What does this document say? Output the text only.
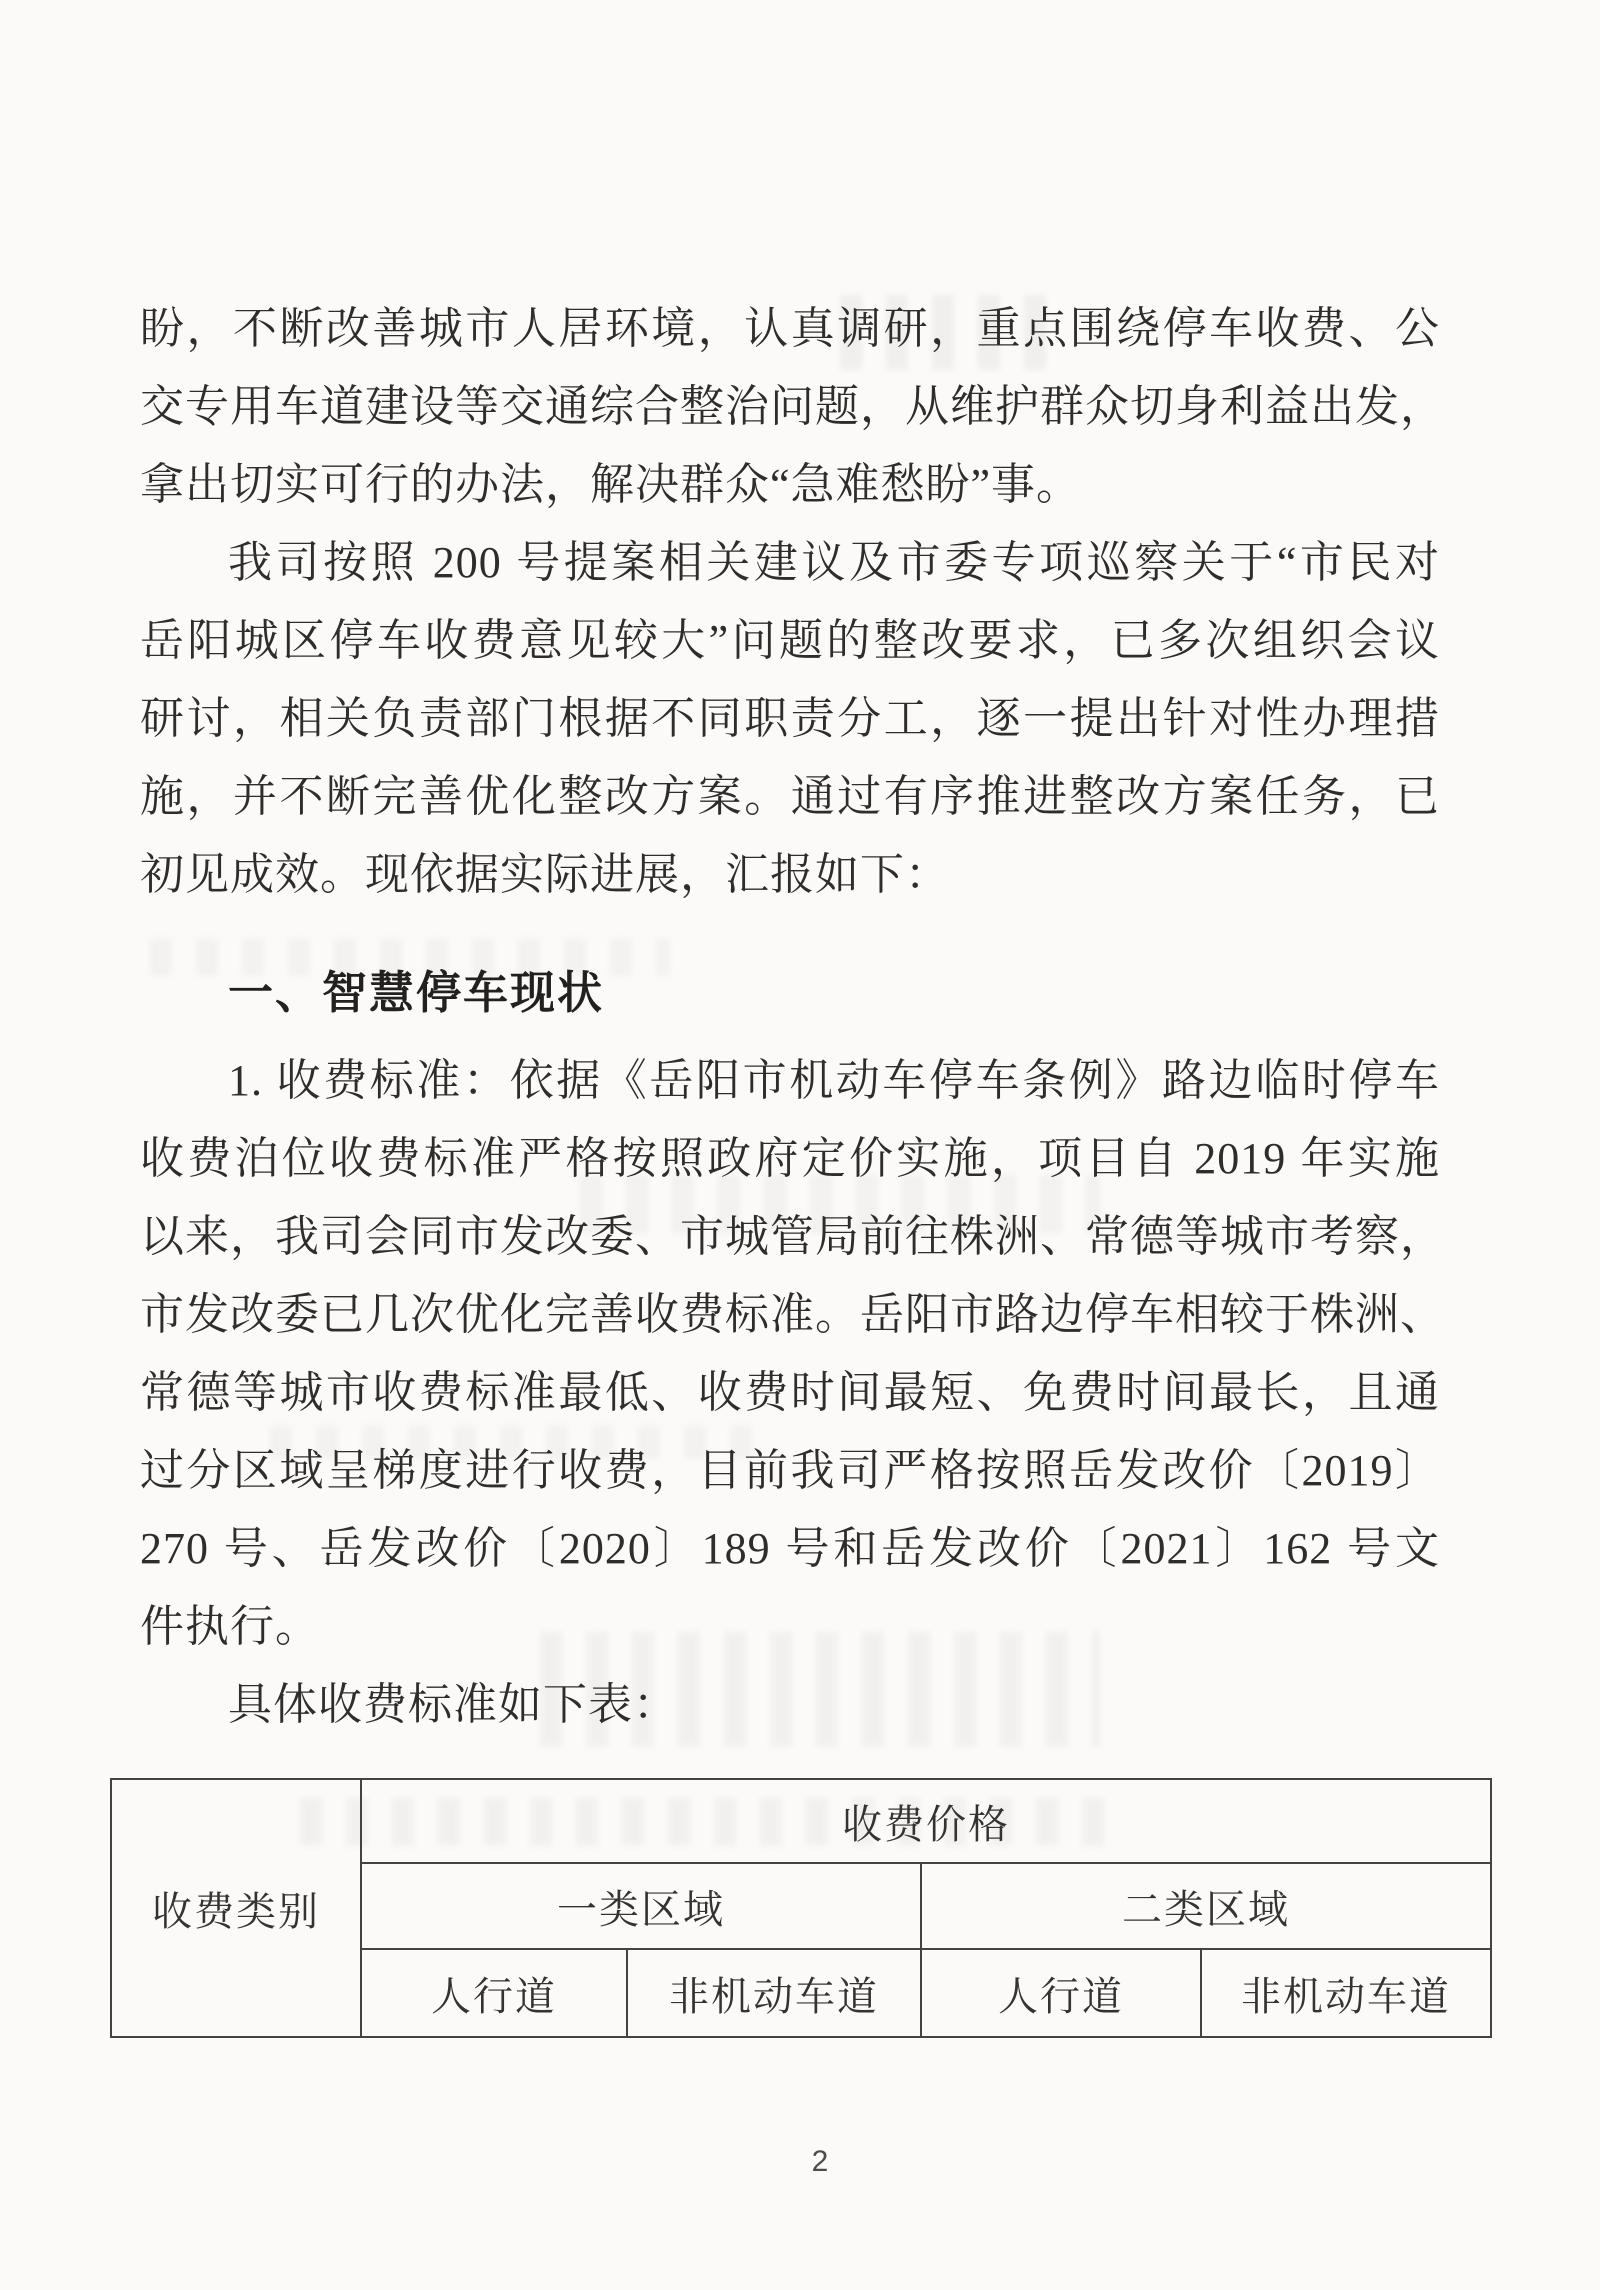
盼，不断改善城市人居环境，认真调研，重点围绕停车收费、公
交专用车道建设等交通综合整治问题，从维护群众切身利益出发，
拿出切实可行的办法，解决群众“急难愁盼”事。
我司按照 200 号提案相关建议及市委专项巡察关于“市民对
岳阳城区停车收费意见较大”问题的整改要求，已多次组织会议
研讨，相关负责部门根据不同职责分工，逐一提出针对性办理措
施，并不断完善优化整改方案。通过有序推进整改方案任务，已
初见成效。现依据实际进展，汇报如下：
一、智慧停车现状
1. 收费标准：依据《岳阳市机动车停车条例》路边临时停车
收费泊位收费标准严格按照政府定价实施，项目自 2019 年实施
以来，我司会同市发改委、市城管局前往株洲、常德等城市考察，
市发改委已几次优化完善收费标准。岳阳市路边停车相较于株洲、
常德等城市收费标准最低、收费时间最短、免费时间最长，且通
过分区域呈梯度进行收费，目前我司严格按照岳发改价〔2019〕
270 号、岳发改价〔2020〕189 号和岳发改价〔2021〕162 号文
件执行。
具体收费标准如下表：
收费类别	收费价格			
	一类区域		二类区域	
	人行道	非机动车道	人行道	非机动车道
2
